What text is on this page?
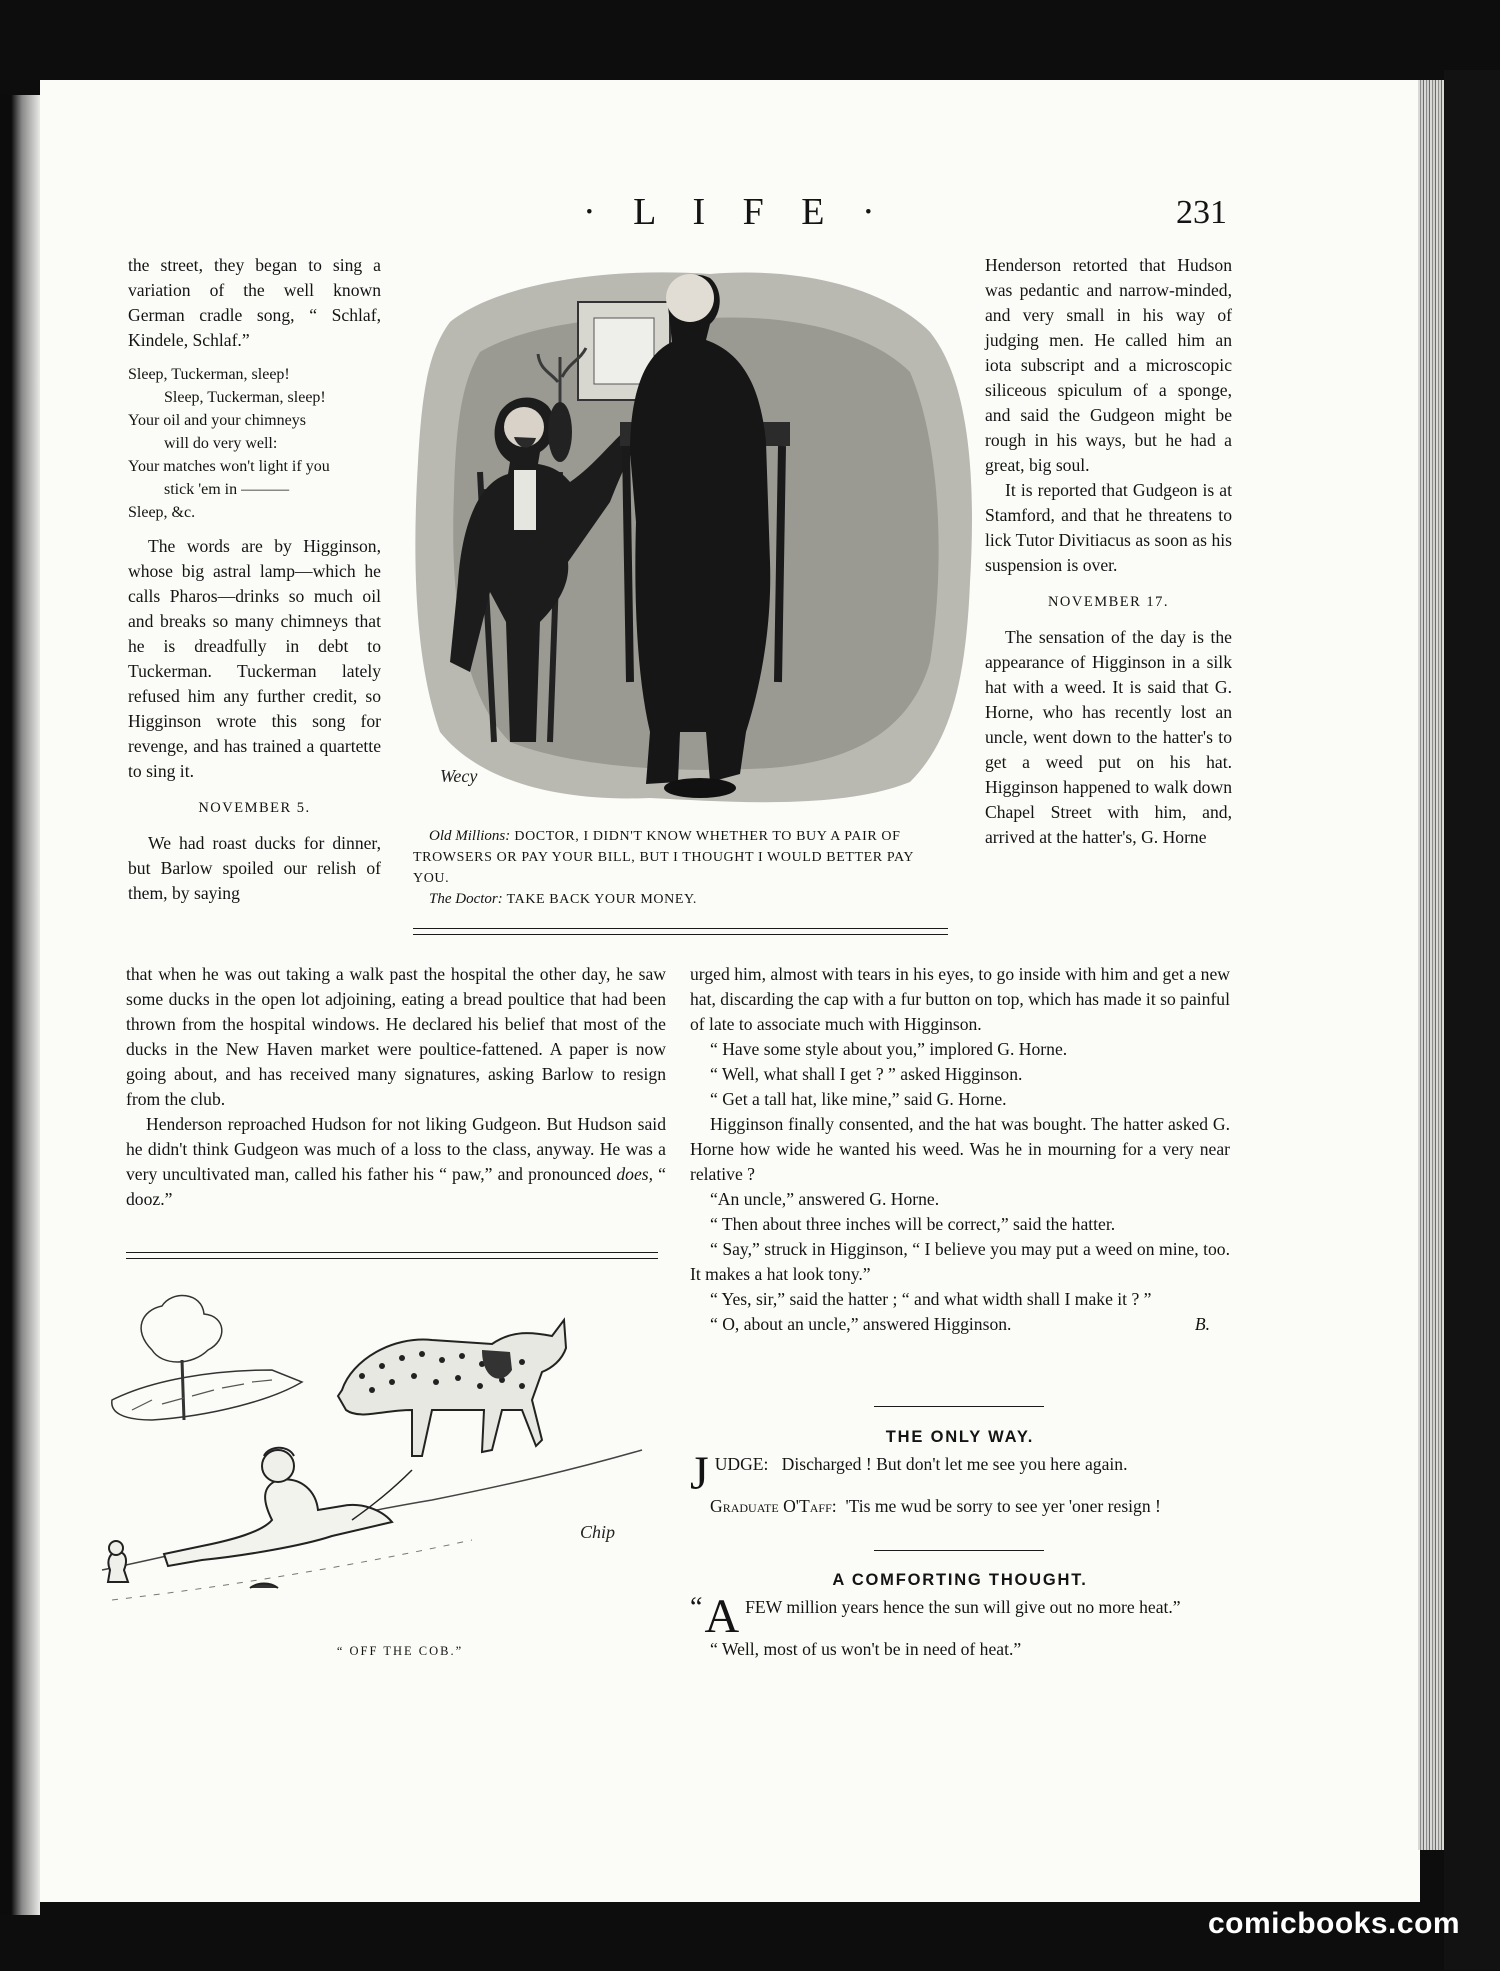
· L I F E ·	231

the street, they began to sing a variation of the well known German cradle song, “ Schlaf, Kindele, Schlaf.”

Sleep, Tuckerman, sleep!
Sleep, Tuckerman, sleep!
Your oil and your chimneys
will do very well:
Your matches won't light if you
stick 'em in ———
Sleep, &c.

The words are by Higginson, whose big astral lamp—which he calls Pharos—drinks so much oil and breaks so many chimneys that he is dreadfully in debt to Tuckerman. Tuckerman lately refused him any further credit, so Higginson wrote this song for revenge, and has trained a quartette to sing it.

NOVEMBER 5.

We had roast ducks for dinner, but Barlow spoiled our relish of them, by saying

that when he was out taking a walk past the hospital the other day, he saw some ducks in the open lot adjoining, eating a bread poultice that had been thrown from the hospital windows. He declared his belief that most of the ducks in the New Haven market were poultice-fattened. A paper is now going about, and has received many signatures, asking Barlow to resign from the club.

Henderson reproached Hudson for not liking Gudgeon. But Hudson said he didn't think Gudgeon was much of a loss to the class, anyway. He was a very uncultivated man, called his father his “ paw,” and pronounced does, “ dooz.”

Wecy
Old Millions: DOCTOR, I DIDN'T KNOW WHETHER TO BUY A PAIR OF TROWSERS OR PAY YOUR BILL, BUT I THOUGHT I WOULD BETTER PAY YOU.
The Doctor: TAKE BACK YOUR MONEY.

Henderson retorted that Hudson was pedantic and narrow-minded, and very small in his way of judging men. He called him an iota subscript and a microscopic siliceous spiculum of a sponge, and said the Gudgeon might be rough in his ways, but he had a great, big soul.

It is reported that Gudgeon is at Stamford, and that he threatens to lick Tutor Divitiacus as soon as his suspension is over.

NOVEMBER 17.

The sensation of the day is the appearance of Higginson in a silk hat with a weed. It is said that G. Horne, who has recently lost an uncle, went down to the hatter's to get a weed put on his hat. Higginson happened to walk down Chapel Street with him, and, arrived at the hatter's, G. Horne

urged him, almost with tears in his eyes, to go inside with him and get a new hat, discarding the cap with a fur button on top, which has made it so painful of late to associate much with Higginson.

“ Have some style about you,” implored G. Horne.

“ Well, what shall I get ? ” asked Higginson.

“ Get a tall hat, like mine,” said G. Horne.

Higginson finally consented, and the hat was bought. The hatter asked G. Horne how wide he wanted his weed. Was he in mourning for a very near relative ?

“An uncle,” answered G. Horne.

“ Then about three inches will be correct,” said the hatter.

“ Say,” struck in Higginson, “ I believe you may put a weed on mine, too. It makes a hat look tony.”

“ Yes, sir,” said the hatter ; “ and what width shall I make it ? ”

“ O, about an uncle,” answered Higginson.	B.

THE ONLY WAY.

JUDGE: Discharged ! But don't let me see you here again.

Graduate O'Taff: 'Tis me wud be sorry to see yer 'oner resign !

A COMFORTING THOUGHT.

“ A FEW million years hence the sun will give out no more heat.”

“ Well, most of us won't be in need of heat.”

Chip
“ OFF THE COB.”
comicbooks.com
